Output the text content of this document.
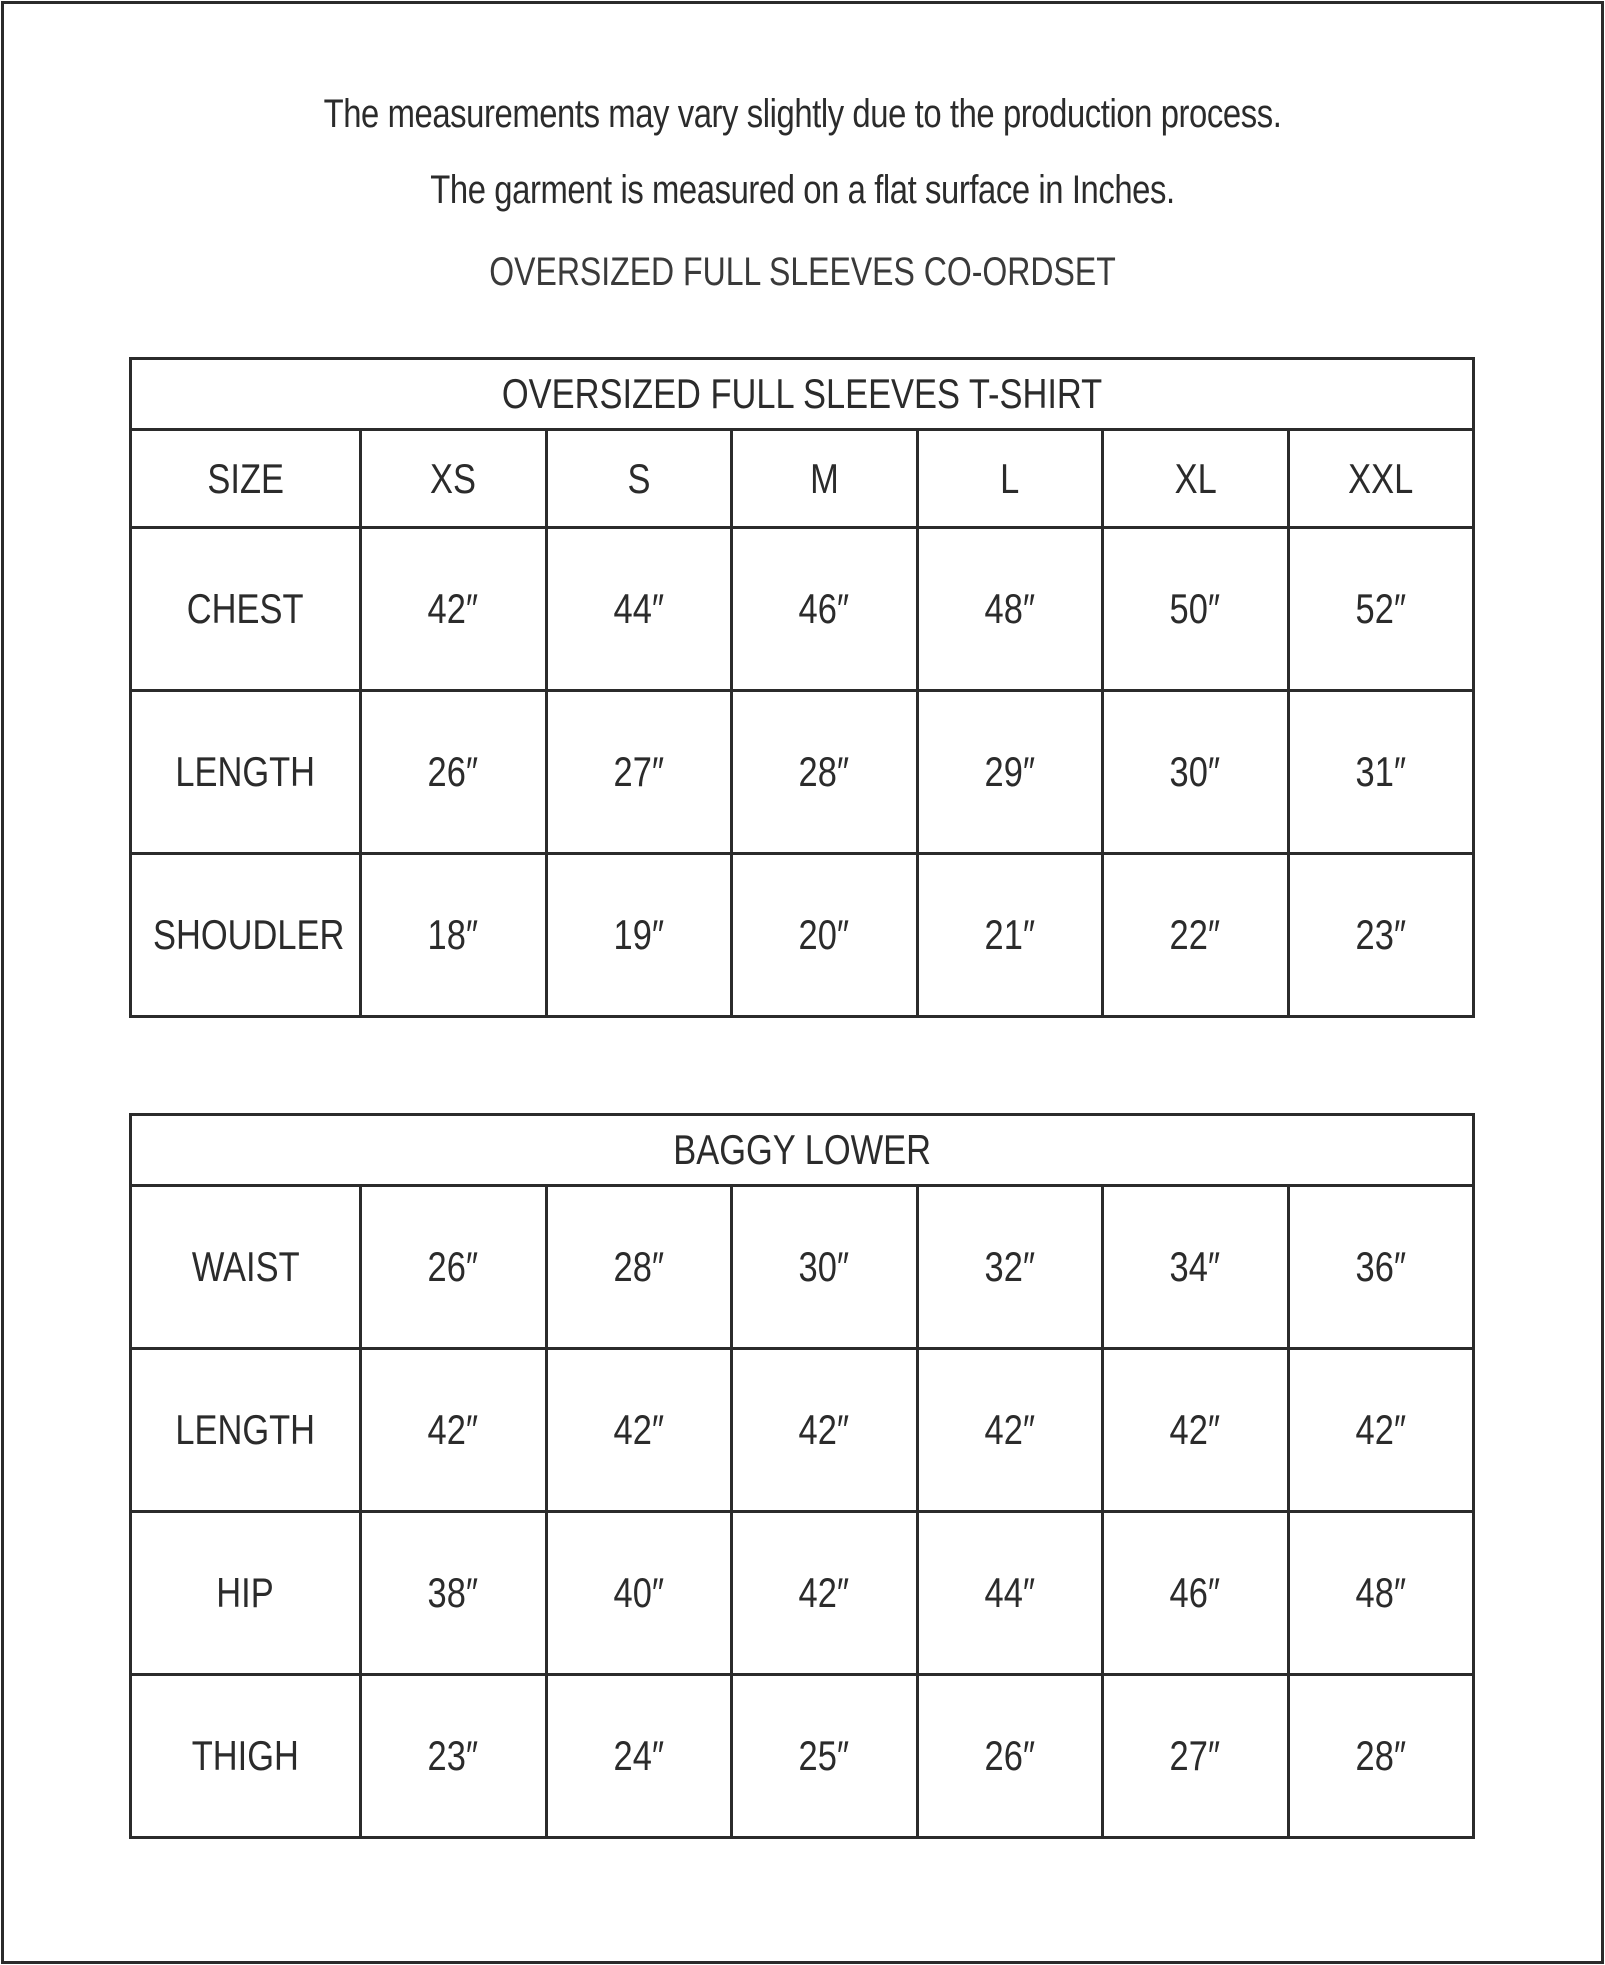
The measurements may vary slightly due to the production process.
The garment is measured on a flat surface in Inches.
OVERSIZED FULL SLEEVES CO-ORDSET
OVERSIZED FULL SLEEVES T-SHIRT						
SIZE	XS	S	M	L	XL	XXL
CHEST	42″	44″	46″	48″	50″	52″
LENGTH	26″	27″	28″	29″	30″	31″
SHOUDLER	18″	19″	20″	21″	22″	23″
BAGGY LOWER						
WAIST	26″	28″	30″	32″	34″	36″
LENGTH	42″	42″	42″	42″	42″	42″
HIP	38″	40″	42″	44″	46″	48″
THIGH	23″	24″	25″	26″	27″	28″
